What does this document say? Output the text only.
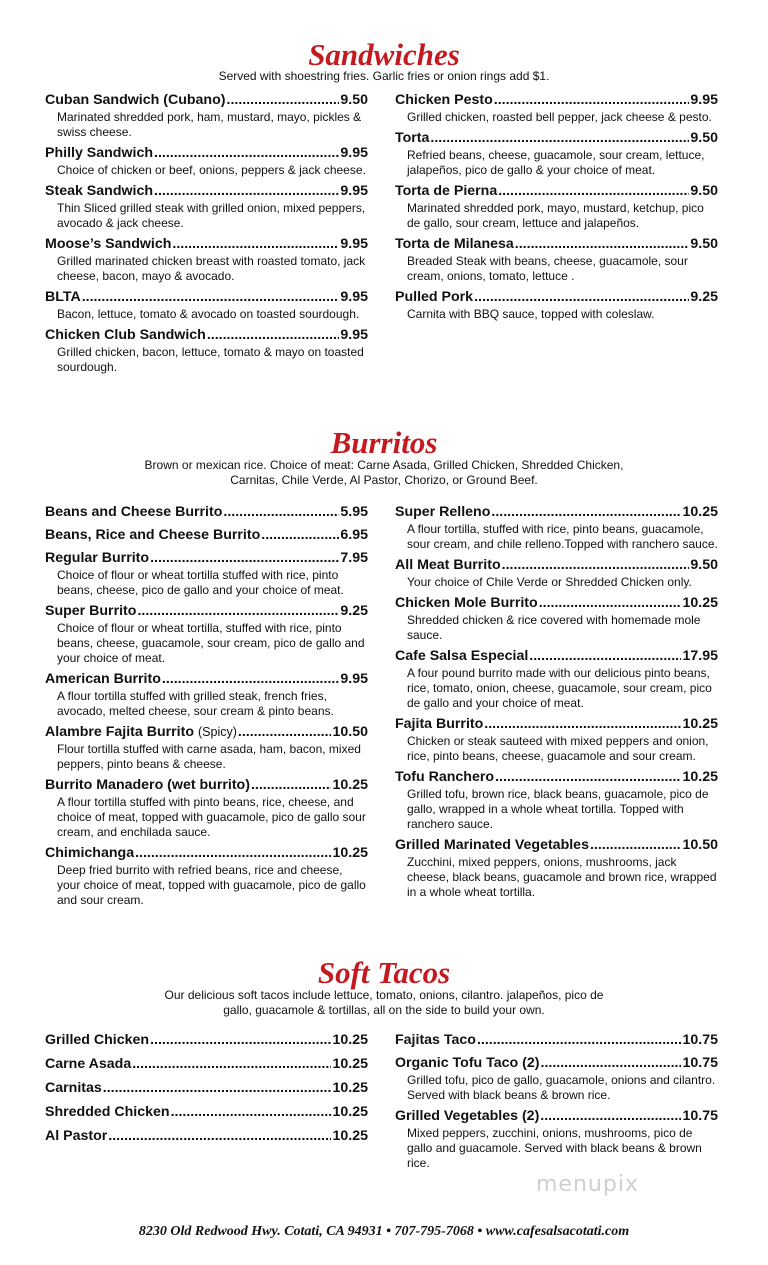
Sandwiches
Served with shoestring fries. Garlic fries or onion rings add $1.
Cuban Sandwich (Cubano) .....	9.50
Marinated shredded pork, ham, mustard, mayo, pickles & swiss cheese.
Philly Sandwich .....	9.95
Choice of chicken or beef, onions, peppers & jack cheese.
Steak Sandwich .....	9.95
Thin Sliced grilled steak with grilled onion, mixed peppers, avocado & jack cheese.
Moose’s Sandwich .....	9.95
Grilled marinated chicken breast with roasted tomato, jack cheese, bacon, mayo & avocado.
BLTA .....	9.95
Bacon, lettuce, tomato & avocado on toasted sourdough.
Chicken Club Sandwich .....	9.95
Grilled chicken, bacon, lettuce, tomato & mayo on toasted sourdough.
Chicken Pesto .....	9.95
Grilled chicken, roasted bell pepper, jack cheese & pesto.
Torta .....	9.50
Refried beans, cheese, guacamole, sour cream, lettuce, jalapeños, pico de gallo & your choice of meat.
Torta de Pierna .....	9.50
Marinated shredded pork, mayo, mustard, ketchup, pico de gallo, sour cream, lettuce and jalapeños.
Torta de Milanesa .....	9.50
Breaded Steak with beans, cheese, guacamole, sour cream, onions, tomato, lettuce .
Pulled Pork .....	9.25
Carnita with BBQ sauce, topped with coleslaw.
Burritos
Brown or mexican rice. Choice of meat: Carne Asada, Grilled Chicken, Shredded Chicken, Carnitas, Chile Verde, Al Pastor, Chorizo, or Ground Beef.
Beans and Cheese Burrito .....	5.95
Beans, Rice and Cheese Burrito .....	6.95
Regular Burrito .....	7.95
Choice of flour or wheat tortilla stuffed with rice, pinto beans, cheese, pico de gallo and your choice of meat.
Super Burrito .....	9.25
Choice of flour or wheat tortilla, stuffed with rice, pinto beans, cheese, guacamole, sour cream, pico de gallo and your choice of meat.
American Burrito .....	9.95
A flour tortilla stuffed with grilled steak, french fries, avocado, melted cheese, sour cream & pinto beans.
Alambre Fajita Burrito (Spicy) .....	10.50
Flour tortilla stuffed with carne asada, ham, bacon, mixed peppers, pinto beans & cheese.
Burrito Manadero (wet burrito) .....	10.25
A flour tortilla stuffed with pinto beans, rice, cheese, and choice of meat, topped with guacamole, pico de gallo sour cream, and enchilada sauce.
Chimichanga .....	10.25
Deep fried burrito with refried beans, rice and cheese, your choice of meat, topped with guacamole, pico de gallo and sour cream.
Super Relleno .....	10.25
A flour tortilla, stuffed with rice, pinto beans, guacamole, sour cream, and chile relleno.Topped with ranchero sauce.
All Meat Burrito .....	9.50
Your choice of Chile Verde or Shredded Chicken only.
Chicken Mole Burrito .....	10.25
Shredded chicken & rice covered with homemade mole sauce.
Cafe Salsa Especial .....	17.95
A four pound burrito made with our delicious pinto beans, rice, tomato, onion, cheese, guacamole, sour cream, pico de gallo and your choice of meat.
Fajita Burrito .....	10.25
Chicken or steak sauteed with mixed peppers and onion, rice, pinto beans, cheese, guacamole and sour cream.
Tofu Ranchero .....	10.25
Grilled tofu, brown rice, black beans, guacamole, pico de gallo, wrapped in a whole wheat tortilla. Topped with ranchero sauce.
Grilled Marinated Vegetables .....	10.50
Zucchini, mixed peppers, onions, mushrooms, jack cheese, black beans, guacamole and brown rice, wrapped in a whole wheat tortilla.
Soft Tacos
Our delicious soft tacos include lettuce, tomato, onions, cilantro. jalapeños, pico de gallo, guacamole & tortillas, all on the side to build your own.
Grilled Chicken .....	10.25
Carne Asada .....	10.25
Carnitas .....	10.25
Shredded Chicken .....	10.25
Al Pastor .....	10.25
Fajitas Taco .....	10.75
Organic Tofu Taco (2) .....	10.75
Grilled tofu, pico de gallo, guacamole, onions and cilantro. Served with black beans & brown rice.
Grilled Vegetables (2) .....	10.75
Mixed peppers, zucchini, onions, mushrooms, pico de gallo and guacamole. Served with black beans & brown rice.
menupix
8230 Old Redwood Hwy. Cotati, CA 94931 • 707-795-7068 • www.cafesalsacotati.com
